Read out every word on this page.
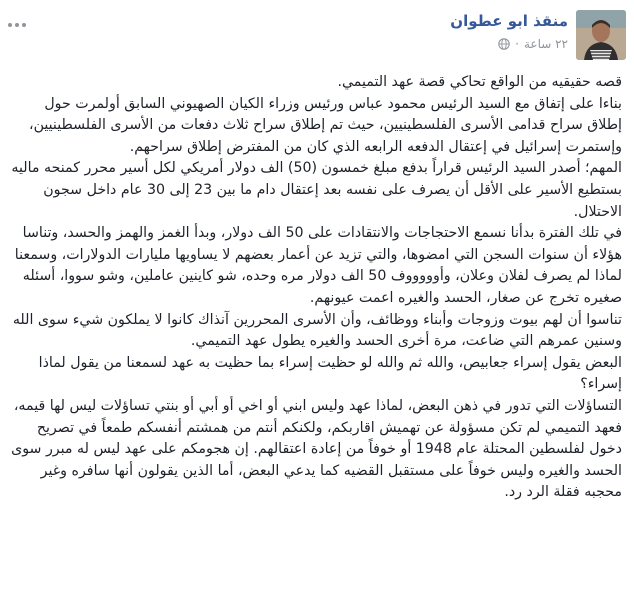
منقذ ابو عطوان
٢٢ ساعة
·

قصه حقيقيه من الواقع تحاكي قصة عهد التميمي.

بناءا على إتفاق مع السيد الرئيس محمود عباس ورئيس وزراء الكيان الصهيوني السابق أولمرت حول إطلاق سراح قدامى الأسرى الفلسطينيين، حيث تم إطلاق سراح ثلاث دفعات من الأسرى الفلسطينيين، وإستمرت إسرائيل في إعتقال الدفعه الرابعه الذي كان من المفترض إطلاق سراحهم.

المهم؛ أصدر السيد الرئيس قراراً بدفع مبلغ خمسون (50) الف دولار أمريكي لكل أسير محرر كمنحه ماليه بستطيع الأسير على الأقل أن يصرف على نفسه بعد إعتقال دام ما بين 23 إلى 30 عام داخل سجون الاحتلال.

في تلك الفترة بدأنا نسمع الاحتجاجات والانتقادات على 50 الف دولار، وبدأ الغمز والهمز والحسد، وتناسا هؤلاء أن سنوات السجن التي امضوها، والتي تزيد عن أعمار بعضهم لا يساويها مليارات الدولارات، وسمعنا لماذا لم يصرف لفلان وعلان، وأوووووف 50 الف دولار مره وحده، شو كاينين عاملين، وشو سووا، أسئله صغيره تخرج عن صغار، الحسد والغيره اعمت عيونهم.

تناسوا أن لهم بيوت وزوجات وأبناء ووظائف، وأن الأسرى المحررين آنذاك كانوا لا يملكون شيء سوى الله وسنين عمرهم التي ضاعت، مرة أخرى الحسد والغيره يطول عهد التميمي.

البعض يقول إسراء جعابيص، والله ثم والله لو حظيت إسراء بما حظيت به عهد لسمعنا من يقول لماذا إسراء؟

التساؤلات التي تدور في ذهن البعض، لماذا عهد وليس ابني أو اخي أو أبي أو بنتي تساؤلات ليس لها قيمه، فعهد التميمي لم تكن مسؤولة عن تهميش اقاربكم، ولكنكم أنتم من همشتم أنفسكم طمعاً في تصريح دخول لفلسطين المحتلة عام 1948 أو خوفاً من إعادة اعتقالهم. إن هجومكم على عهد ليس له مبرر سوى الحسد والغيره وليس خوفاً على مستقبل القضيه كما يدعي البعض، أما الذين يقولون أنها سافره وغير محجبه فقلة الرد رد.
